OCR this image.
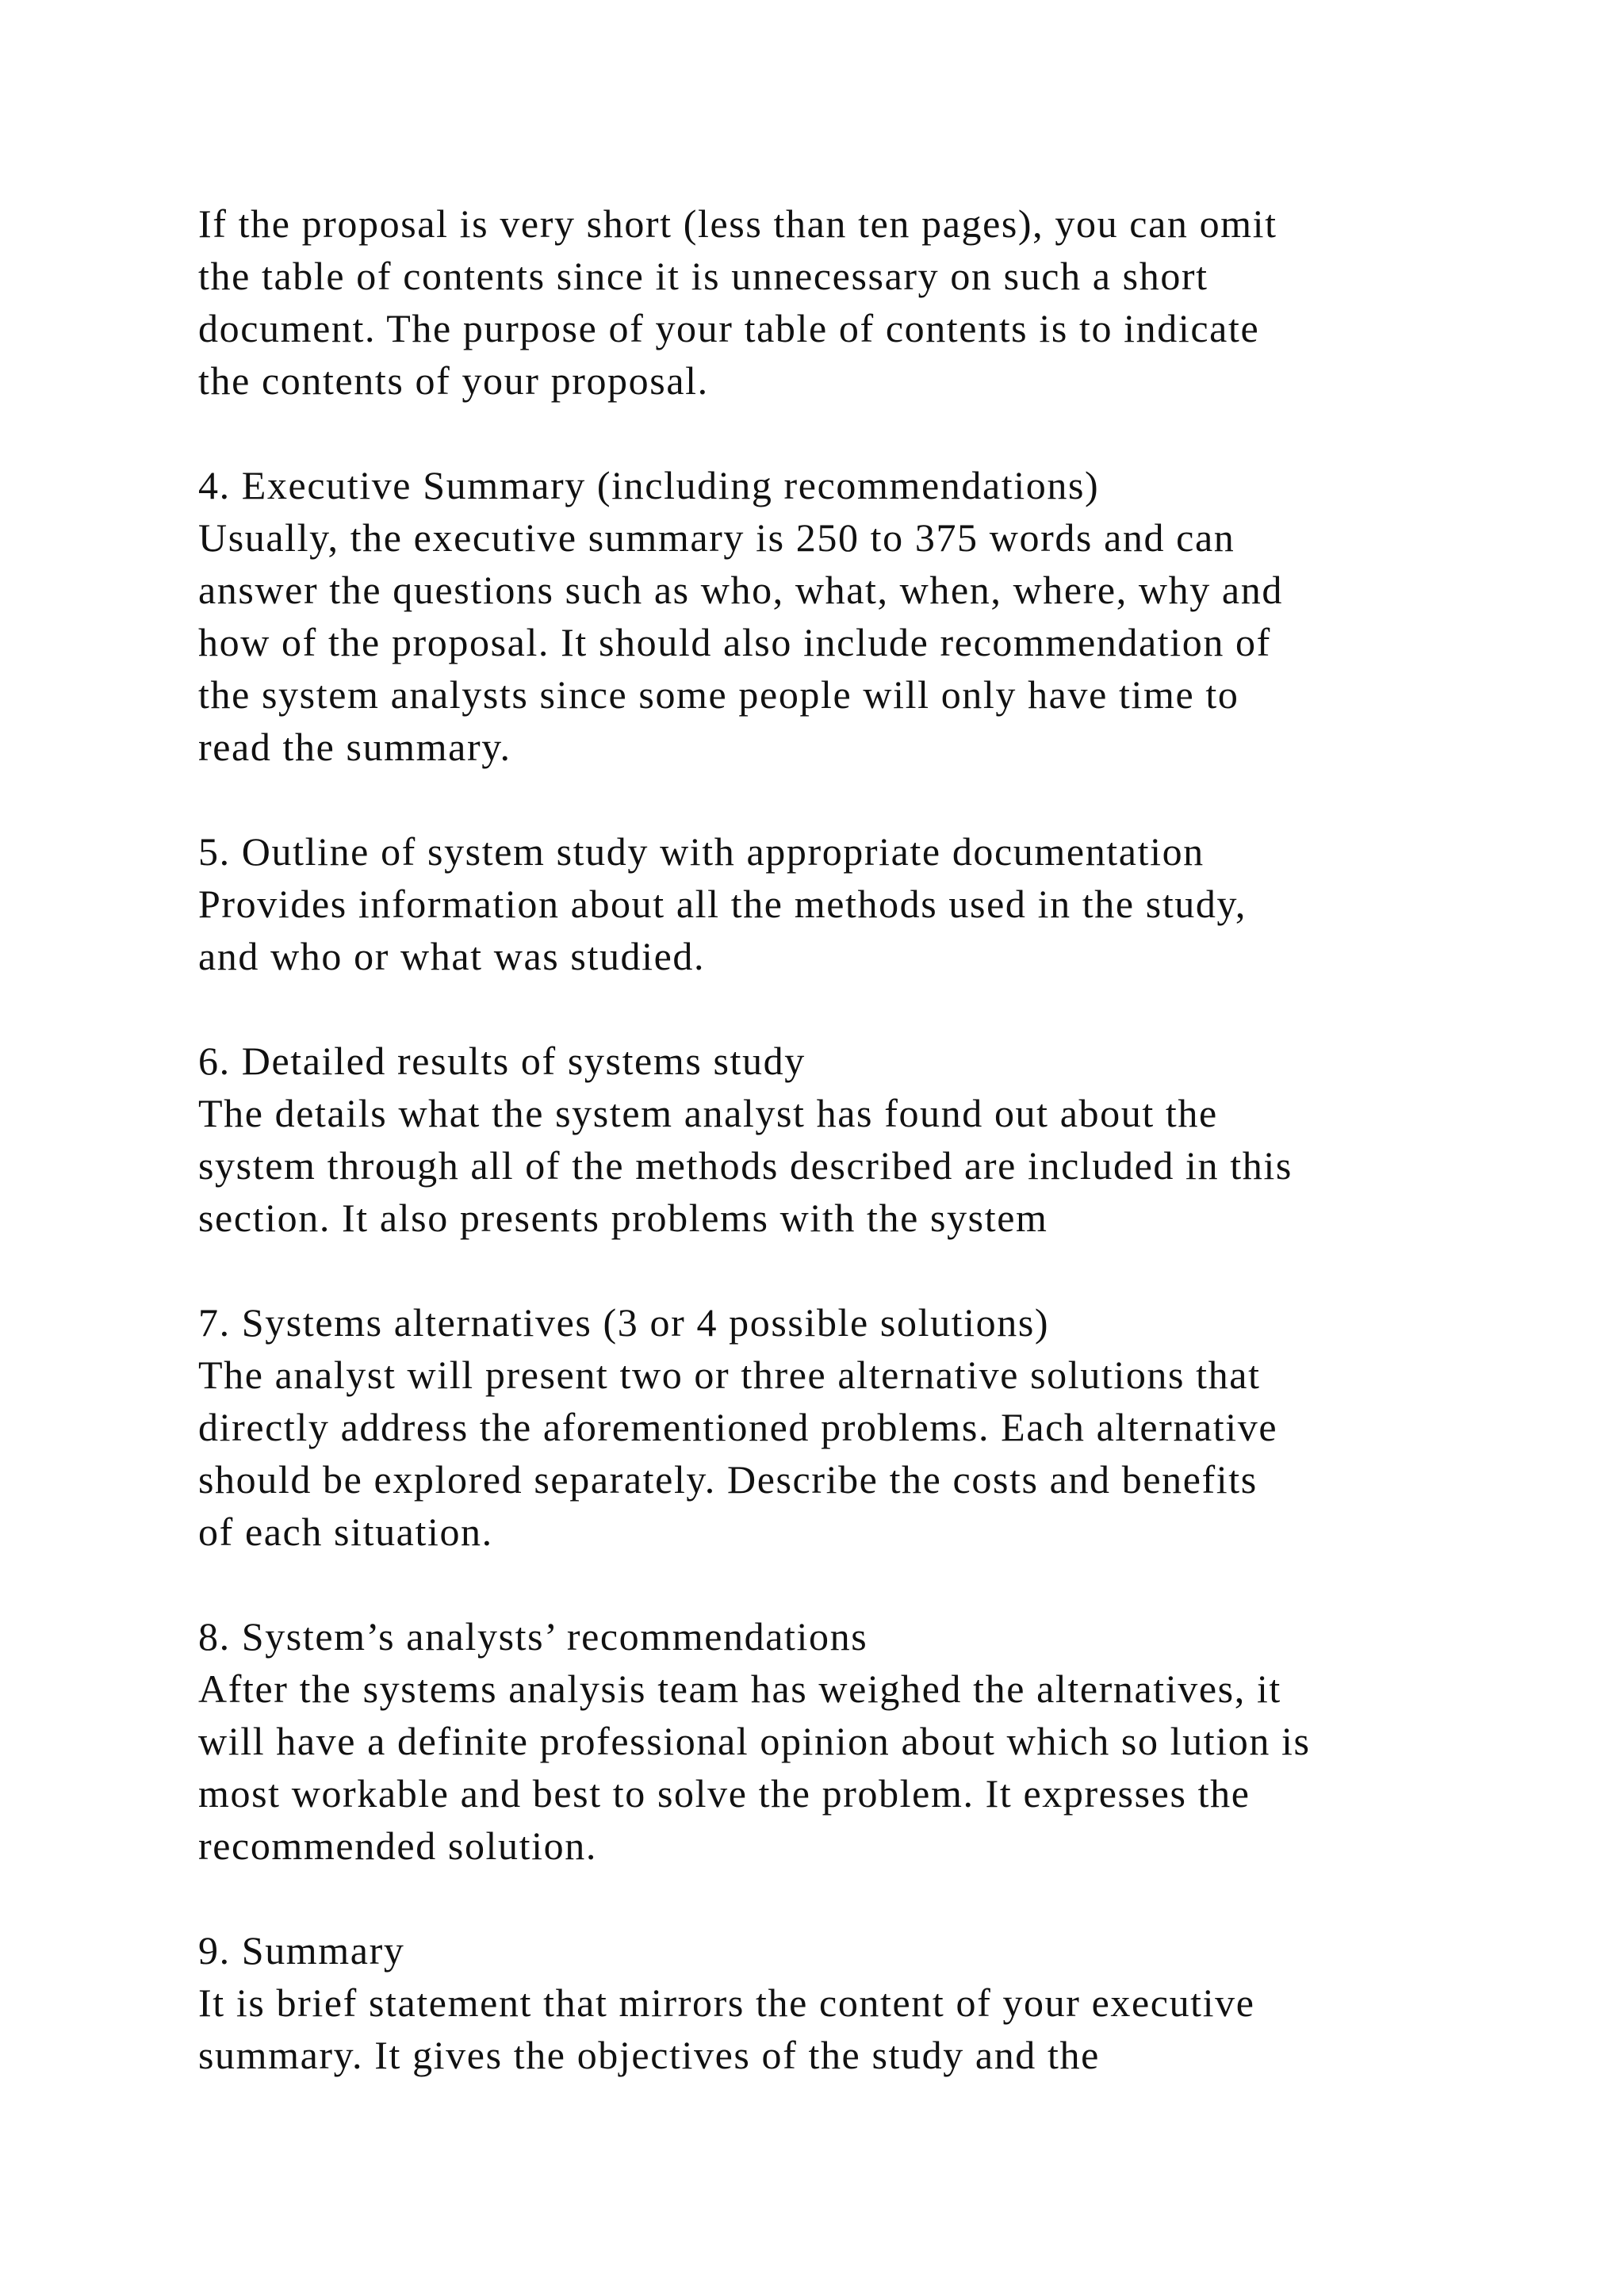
If the proposal is very short (less than ten pages), you can omit
the table of contents since it is unnecessary on such a short
document. The purpose of your table of contents is to indicate
the contents of your proposal.
4. Executive Summary (including recommendations)
Usually, the executive summary is 250 to 375 words and can
answer the questions such as who, what, when, where, why and
how of the proposal. It should also include recommendation of
the system analysts since some people will only have time to
read the summary.
5. Outline of system study with appropriate documentation
Provides information about all the methods used in the study,
and who or what was studied.
6. Detailed results of systems study
The details what the system analyst has found out about the
system through all of the methods described are included in this
section. It also presents problems with the system
7. Systems alternatives (3 or 4 possible solutions)
The analyst will present two or three alternative solutions that
directly address the aforementioned problems. Each alternative
should be explored separately. Describe the costs and benefits
of each situation.
8. System’s analysts’ recommendations
After the systems analysis team has weighed the alternatives, it
will have a definite professional opinion about which so lution is
most workable and best to solve the problem. It expresses the
recommended solution.
9. Summary
It is brief statement that mirrors the content of your executive
summary. It gives the objectives of the study and the
